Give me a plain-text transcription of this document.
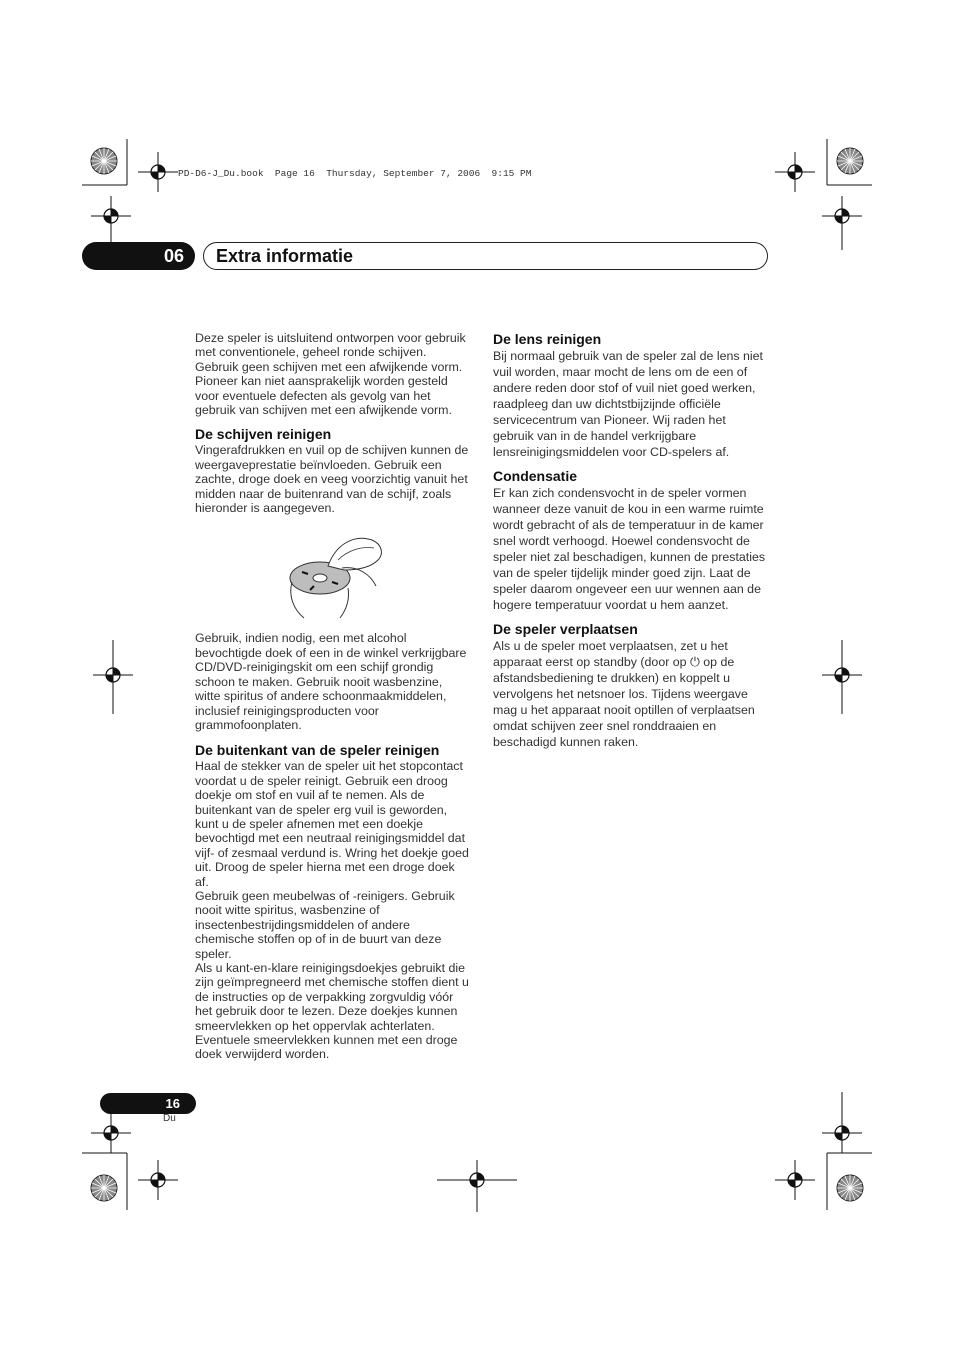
PD-D6-J_Du.book  Page 16  Thursday, September 7, 2006  9:15 PM
06 Extra informatie

Deze speler is uitsluitend ontworpen voor gebruik met conventionele, geheel ronde schijven. Gebruik geen schijven met een afwijkende vorm. Pioneer kan niet aansprakelijk worden gesteld voor eventuele defecten als gevolg van het gebruik van schijven met een afwijkende vorm.

De schijven reinigen

Vingerafdrukken en vuil op de schijven kunnen de weergaveprestatie beïnvloeden. Gebruik een zachte, droge doek en veeg voorzichtig vanuit het midden naar de buitenrand van de schijf, zoals hieronder is aangegeven.

Gebruik, indien nodig, een met alcohol bevochtigde doek of een in de winkel verkrijgbare CD/DVD-reinigingskit om een schijf grondig schoon te maken. Gebruik nooit wasbenzine, witte spiritus of andere schoonmaakmiddelen, inclusief reinigingsproducten voor grammofoonplaten.

De buitenkant van de speler reinigen

Haal de stekker van de speler uit het stopcontact voordat u de speler reinigt. Gebruik een droog doekje om stof en vuil af te nemen. Als de buitenkant van de speler erg vuil is geworden, kunt u de speler afnemen met een doekje bevochtigd met een neutraal reinigingsmiddel dat vijf- of zesmaal verdund is. Wring het doekje goed uit. Droog de speler hierna met een droge doek af.

Gebruik geen meubelwas of -reinigers. Gebruik nooit witte spiritus, wasbenzine of insectenbestrijdingsmiddelen of andere chemische stoffen op of in de buurt van deze speler.

Als u kant-en-klare reinigingsdoekjes gebruikt die zijn geïmpregneerd met chemische stoffen dient u de instructies op de verpakking zorgvuldig vóór het gebruik door te lezen. Deze doekjes kunnen smeervlekken op het oppervlak achterlaten. Eventuele smeervlekken kunnen met een droge doek verwijderd worden.

De lens reinigen

Bij normaal gebruik van de speler zal de lens niet vuil worden, maar mocht de lens om de een of andere reden door stof of vuil niet goed werken, raadpleeg dan uw dichtstbijzijnde officiële servicecentrum van Pioneer. Wij raden het gebruik van in de handel verkrijgbare lensreinigingsmiddelen voor CD-spelers af.

Condensatie

Er kan zich condensvocht in de speler vormen wanneer deze vanuit de kou in een warme ruimte wordt gebracht of als de temperatuur in de kamer snel wordt verhoogd. Hoewel condensvocht de speler niet zal beschadigen, kunnen de prestaties van de speler tijdelijk minder goed zijn. Laat de speler daarom ongeveer een uur wennen aan de hogere temperatuur voordat u hem aanzet.

De speler verplaatsen

Als u de speler moet verplaatsen, zet u het apparaat eerst op standby (door op ⏻ op de afstandsbediening te drukken) en koppelt u vervolgens het netsnoer los. Tijdens weergave mag u het apparaat nooit optillen of verplaatsen omdat schijven zeer snel ronddraaien en beschadigd kunnen raken.

16
Du
